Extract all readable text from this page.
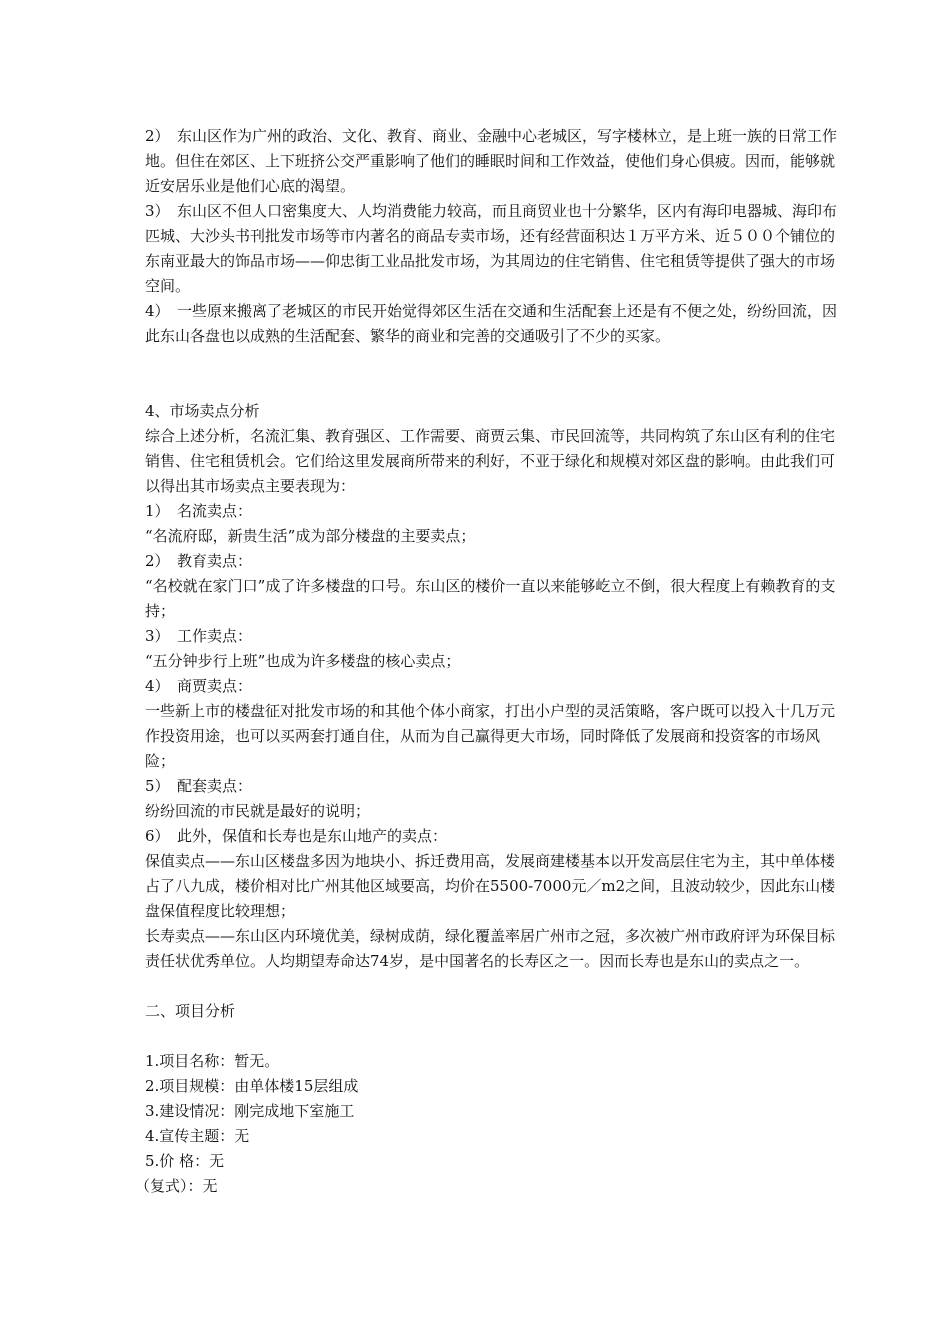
2）　东山区作为广州的政治、文化、教育、商业、金融中心老城区，写字楼林立，是上班一族的日常工作地。但住在郊区、上下班挤公交严重影响了他们的睡眠时间和工作效益，使他们身心俱疲。因而，能够就近安居乐业是他们心底的渴望。

3）　东山区不但人口密集度大、人均消费能力较高，而且商贸业也十分繁华，区内有海印电器城、海印布匹城、大沙头书刊批发市场等市内著名的商品专卖市场，还有经营面积达１万平方米、近５００个铺位的东南亚最大的饰品市场——仰忠街工业品批发市场，为其周边的住宅销售、住宅租赁等提供了强大的市场空间。

4）　一些原来搬离了老城区的市民开始觉得郊区生活在交通和生活配套上还是有不便之处，纷纷回流，因此东山各盘也以成熟的生活配套、繁华的商业和完善的交通吸引了不少的买家。

4、市场卖点分析

综合上述分析，名流汇集、教育强区、工作需要、商贾云集、市民回流等，共同构筑了东山区有利的住宅销售、住宅租赁机会。它们给这里发展商所带来的利好，不亚于绿化和规模对郊区盘的影响。由此我们可以得出其市场卖点主要表现为：

1）　名流卖点：

“名流府邸，新贵生活”成为部分楼盘的主要卖点；

2）　教育卖点：

“名校就在家门口”成了许多楼盘的口号。东山区的楼价一直以来能够屹立不倒，很大程度上有赖教育的支持；

3）　工作卖点：

“五分钟步行上班”也成为许多楼盘的核心卖点；

4）　商贾卖点：

一些新上市的楼盘征对批发市场的和其他个体小商家，打出小户型的灵活策略，客户既可以投入十几万元作投资用途，也可以买两套打通自住，从而为自己赢得更大市场，同时降低了发展商和投资客的市场风险；

5）　配套卖点：

纷纷回流的市民就是最好的说明；

6）　此外，保值和长寿也是东山地产的卖点：

保值卖点——东山区楼盘多因为地块小、拆迁费用高，发展商建楼基本以开发高层住宅为主，其中单体楼占了八九成，楼价相对比广州其他区域要高，均价在5500-7000元／m2之间，且波动较少，因此东山楼盘保值程度比较理想；

长寿卖点——东山区内环境优美，绿树成荫，绿化覆盖率居广州市之冠，多次被广州市政府评为环保目标责任状优秀单位。人均期望寿命达74岁，是中国著名的长寿区之一。因而长寿也是东山的卖点之一。

二、项目分析

1.项目名称：暂无。

2.项目规模：由单体楼15层组成

3.建设情况：刚完成地下室施工

4.宣传主题：无

5.价 格：无

（复式）：无
